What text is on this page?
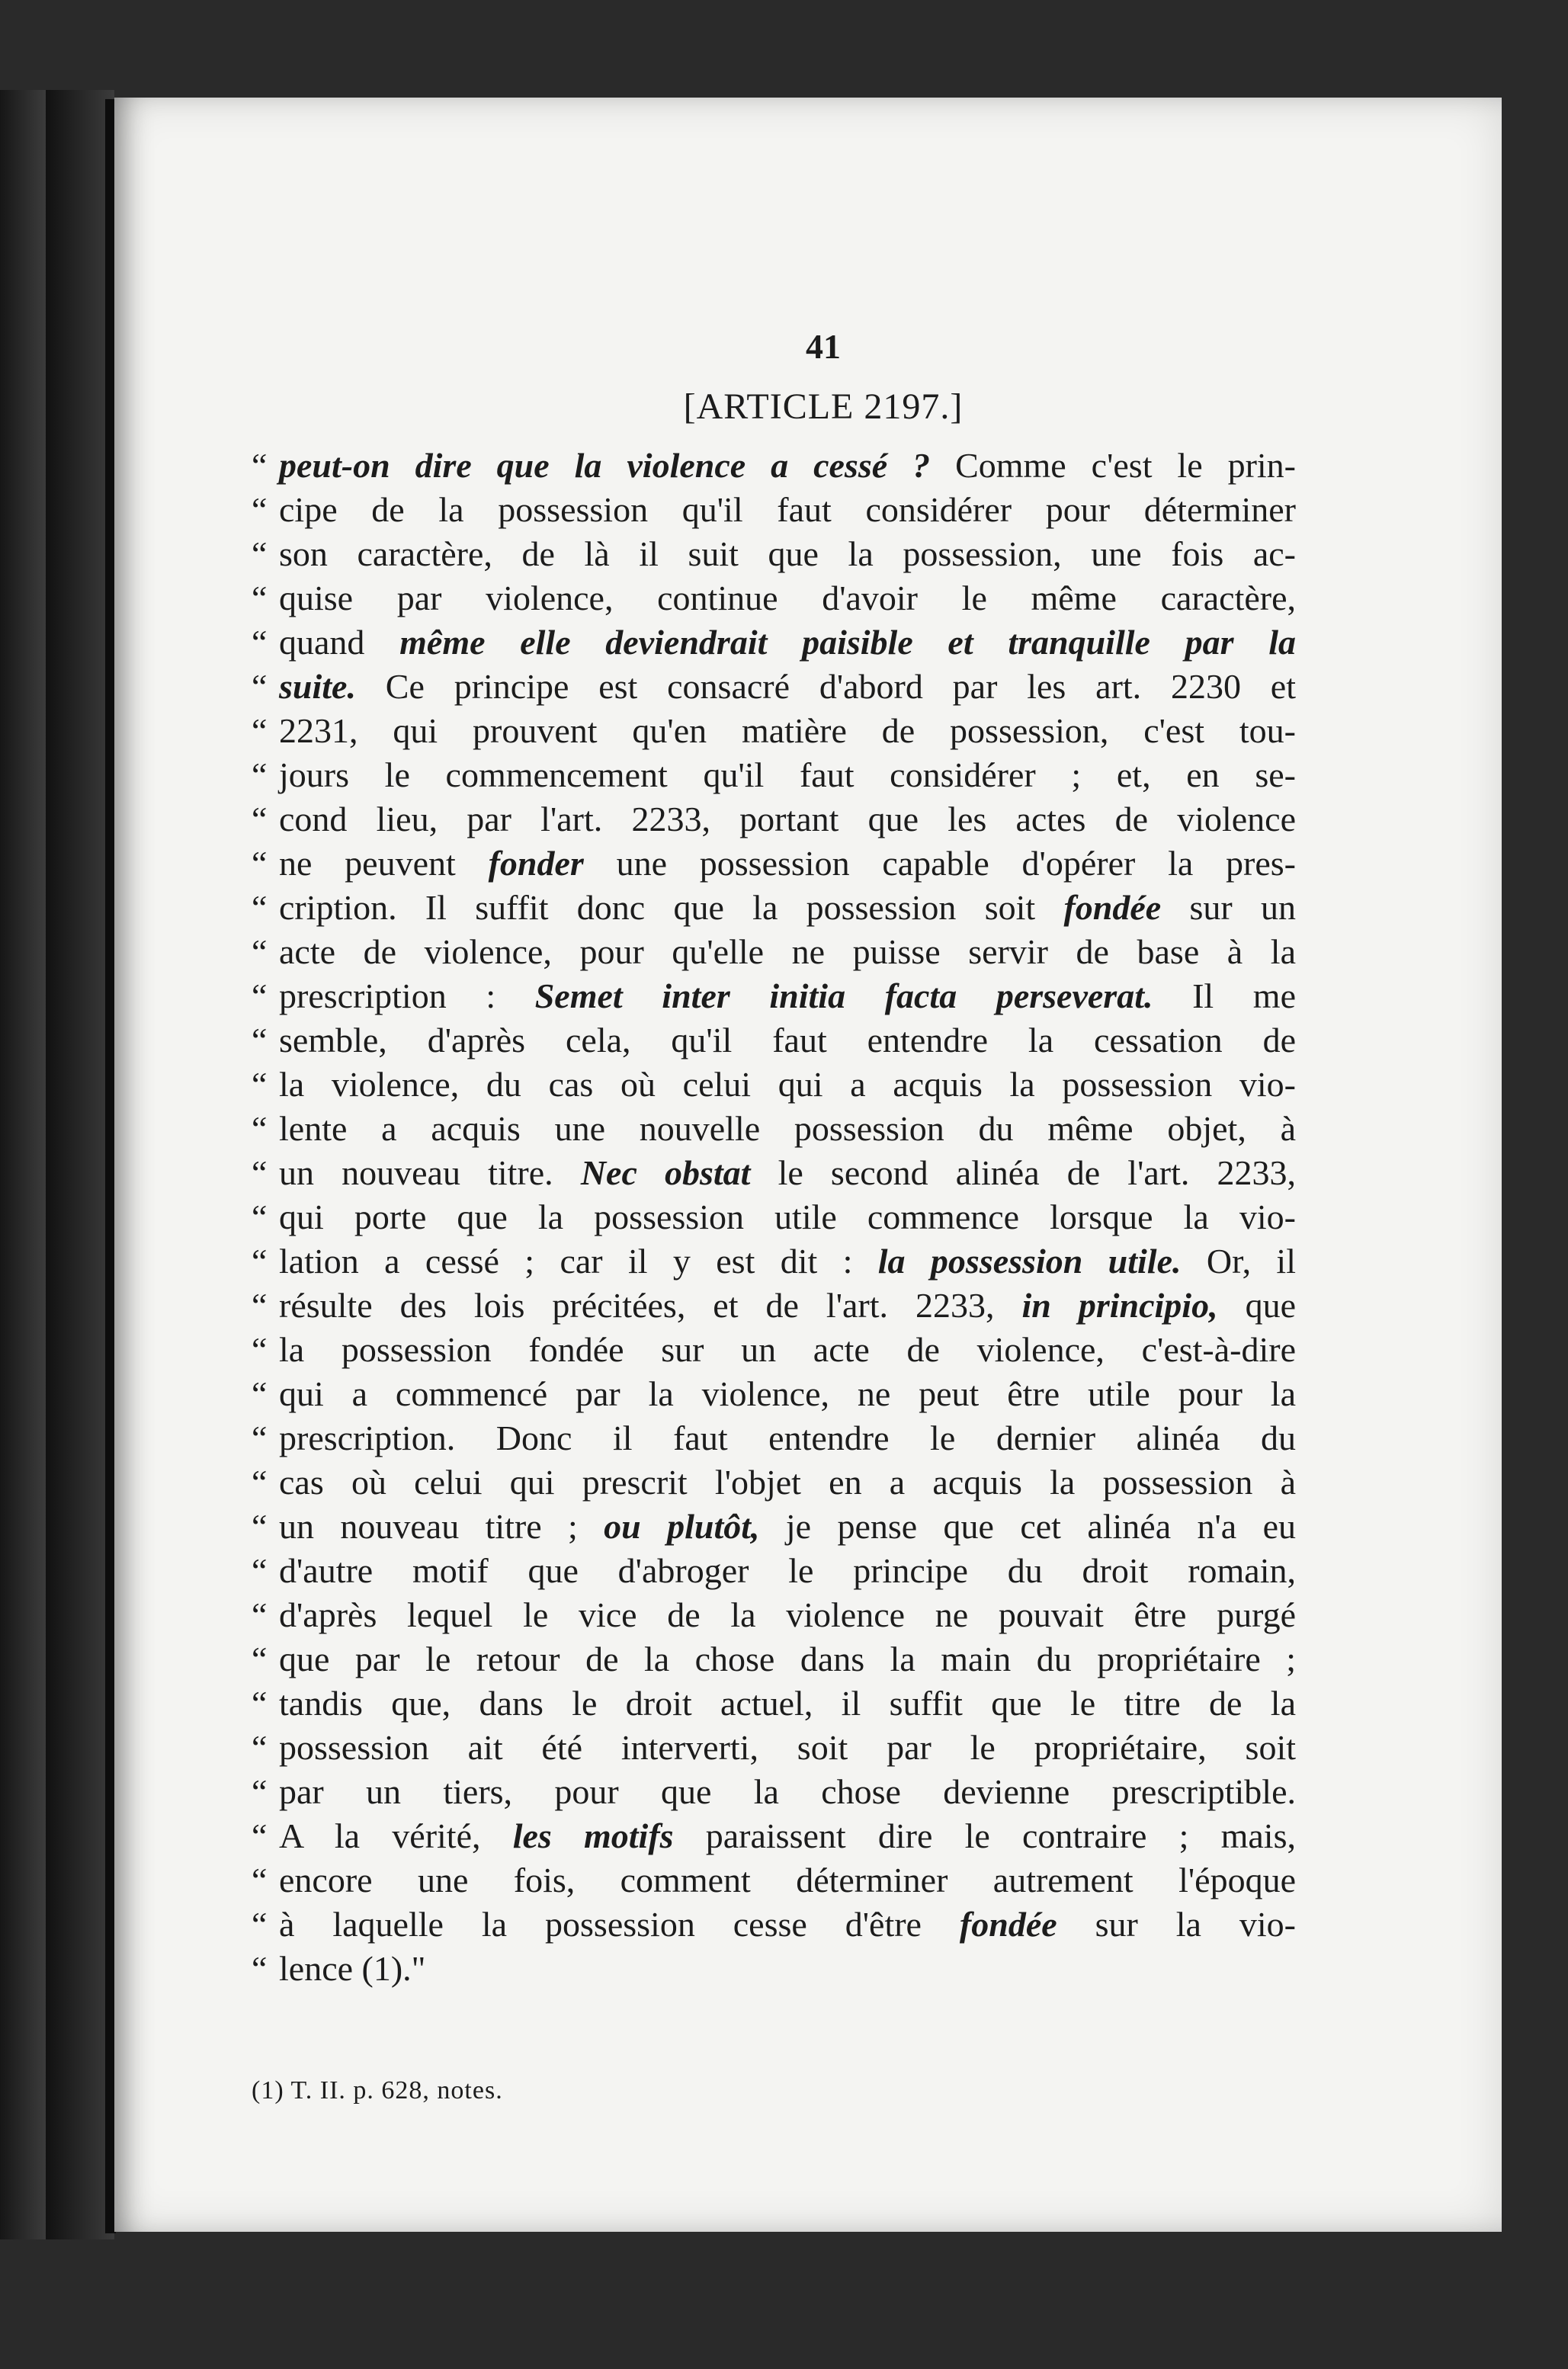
41
[ARTICLE 2197.]
“ peut-on dire que la violence a cessé ? Comme c'est le prin-
“ cipe de la possession qu'il faut considérer pour déterminer
“ son caractère, de là il suit que la possession, une fois ac-
“ quise par violence, continue d'avoir le même caractère,
“ quand même elle deviendrait paisible et tranquille par la
“ suite. Ce principe est consacré d'abord par les art. 2230 et
“ 2231, qui prouvent qu'en matière de possession, c'est tou-
“ jours le commencement qu'il faut considérer ; et, en se-
“ cond lieu, par l'art. 2233, portant que les actes de violence
“ ne peuvent fonder une possession capable d'opérer la pres-
“ cription. Il suffit donc que la possession soit fondée sur un
“ acte de violence, pour qu'elle ne puisse servir de base à la
“ prescription : Semet inter initia facta perseverat. Il me
“ semble, d'après cela, qu'il faut entendre la cessation de
“ la violence, du cas où celui qui a acquis la possession vio-
“ lente a acquis une nouvelle possession du même objet, à
“ un nouveau titre. Nec obstat le second alinéa de l'art. 2233,
“ qui porte que la possession utile commence lorsque la vio-
“ lation a cessé ; car il y est dit : la possession utile. Or, il
“ résulte des lois précitées, et de l'art. 2233, in principio, que
“ la possession fondée sur un acte de violence, c'est-à-dire
“ qui a commencé par la violence, ne peut être utile pour la
“ prescription. Donc il faut entendre le dernier alinéa du
“ cas où celui qui prescrit l'objet en a acquis la possession à
“ un nouveau titre ; ou plutôt, je pense que cet alinéa n'a eu
“ d'autre motif que d'abroger le principe du droit romain,
“ d'après lequel le vice de la violence ne pouvait être purgé
“ que par le retour de la chose dans la main du propriétaire ;
“ tandis que, dans le droit actuel, il suffit que le titre de la
“ possession ait été interverti, soit par le propriétaire, soit
“ par un tiers, pour que la chose devienne prescriptible.
“ A la vérité, les motifs paraissent dire le contraire ; mais,
“ encore une fois, comment déterminer autrement l'époque
“ à laquelle la possession cesse d'être fondée sur la vio-
“ lence (1)."
(1) T. II. p. 628, notes.
